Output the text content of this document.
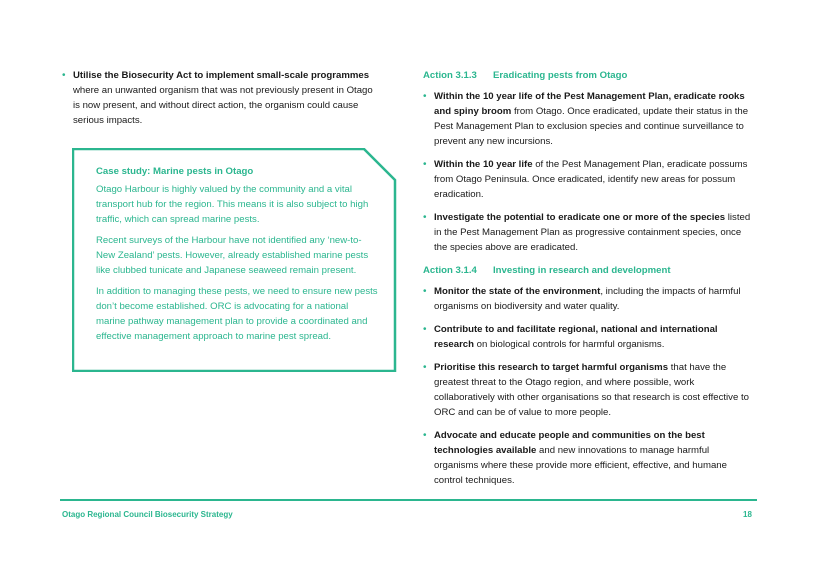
• Utilise the Biosecurity Act to implement small-scale programmes where an unwanted organism that was not previously present in Otago is now present, and without direct action, the organism could cause serious impacts.
Case study: Marine pests in Otago

Otago Harbour is highly valued by the community and a vital transport hub for the region. This means it is also subject to high traffic, which can spread marine pests.

Recent surveys of the Harbour have not identified any ‘new-to-New Zealand’ pests. However, already established marine pests like clubbed tunicate and Japanese seaweed remain present.

In addition to managing these pests, we need to ensure new pests don’t become established. ORC is advocating for a national marine pathway management plan to provide a coordinated and effective management approach to marine pest spread.

Action 3.1.3 Eradicating pests from Otago
• Within the 10 year life of the Pest Management Plan, eradicate rooks and spiny broom from Otago. Once eradicated, update their status in the Pest Management Plan to exclusion species and continue surveillance to prevent any new incursions.
• Within the 10 year life of the Pest Management Plan, eradicate possums from Otago Peninsula. Once eradicated, identify new areas for possum eradication.
• Investigate the potential to eradicate one or more of the species listed in the Pest Management Plan as progressive containment species, once the species above are eradicated.
Action 3.1.4 Investing in research and development
• Monitor the state of the environment, including the impacts of harmful organisms on biodiversity and water quality.
• Contribute to and facilitate regional, national and international research on biological controls for harmful organisms.
• Prioritise this research to target harmful organisms that have the greatest threat to the Otago region, and where possible, work collaboratively with other organisations so that research is cost effective to ORC and can be of value to more people.
• Advocate and educate people and communities on the best technologies available and new innovations to manage harmful organisms where these provide more efficient, effective, and humane control techniques.
Otago Regional Council Biosecurity Strategy	18
